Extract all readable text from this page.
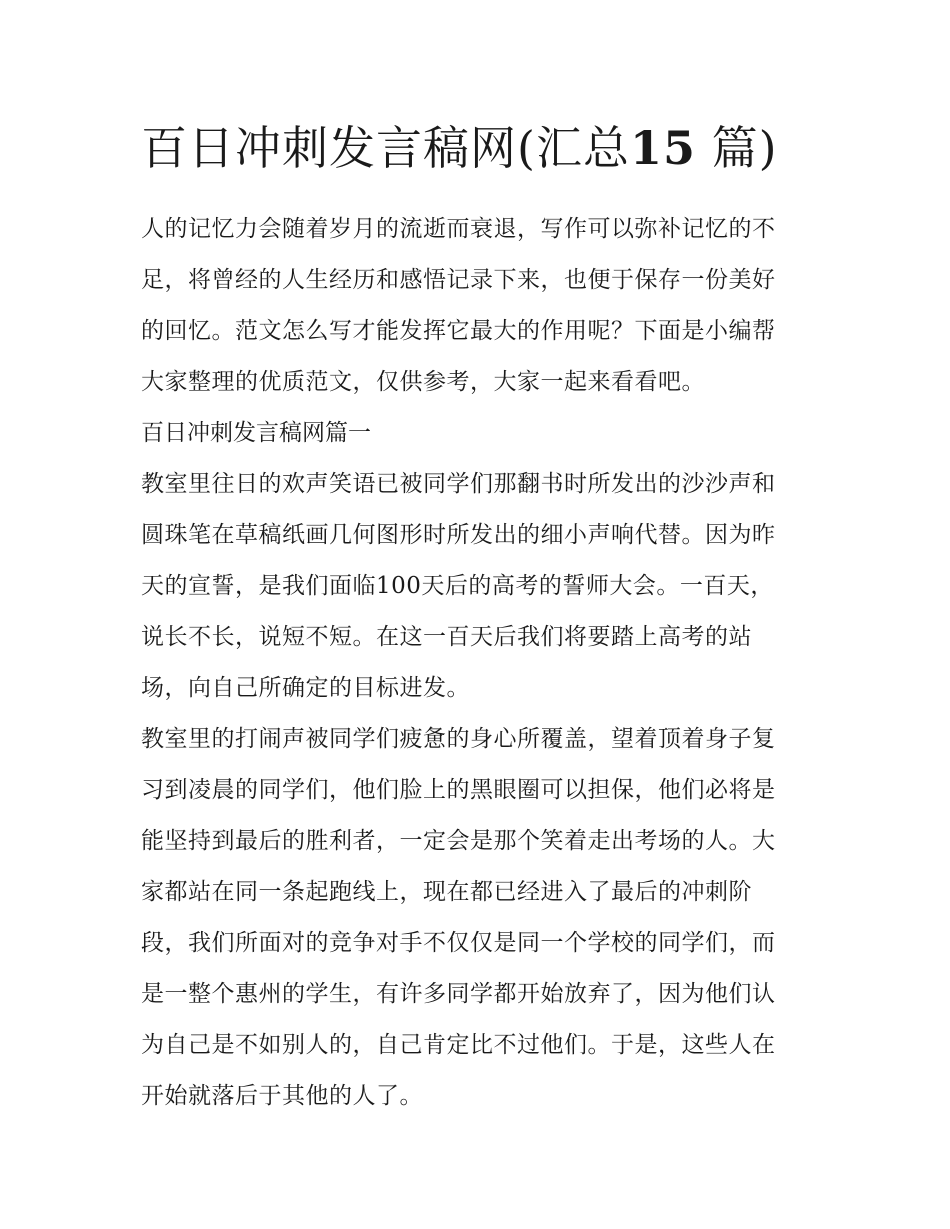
百日冲刺发言稿网(汇总15 篇)

人的记忆力会随着岁月的流逝而衰退，写作可以弥补记忆的不
足，将曾经的人生经历和感悟记录下来，也便于保存一份美好
的回忆。范文怎么写才能发挥它最大的作用呢？下面是小编帮
大家整理的优质范文，仅供参考，大家一起来看看吧。

百日冲刺发言稿网篇一

教室里往日的欢声笑语已被同学们那翻书时所发出的沙沙声和
圆珠笔在草稿纸画几何图形时所发出的细小声响代替。因为昨
天的宣誓，是我们面临100天后的高考的誓师大会。一百天，
说长不长，说短不短。在这一百天后我们将要踏上高考的站
场，向自己所确定的目标进发。

教室里的打闹声被同学们疲惫的身心所覆盖，望着顶着身子复
习到凌晨的同学们，他们脸上的黑眼圈可以担保，他们必将是
能坚持到最后的胜利者，一定会是那个笑着走出考场的人。大
家都站在同一条起跑线上，现在都已经进入了最后的冲刺阶
段，我们所面对的竞争对手不仅仅是同一个学校的同学们，而
是一整个惠州的学生，有许多同学都开始放弃了，因为他们认
为自己是不如别人的，自己肯定比不过他们。于是，这些人在
开始就落后于其他的人了。
